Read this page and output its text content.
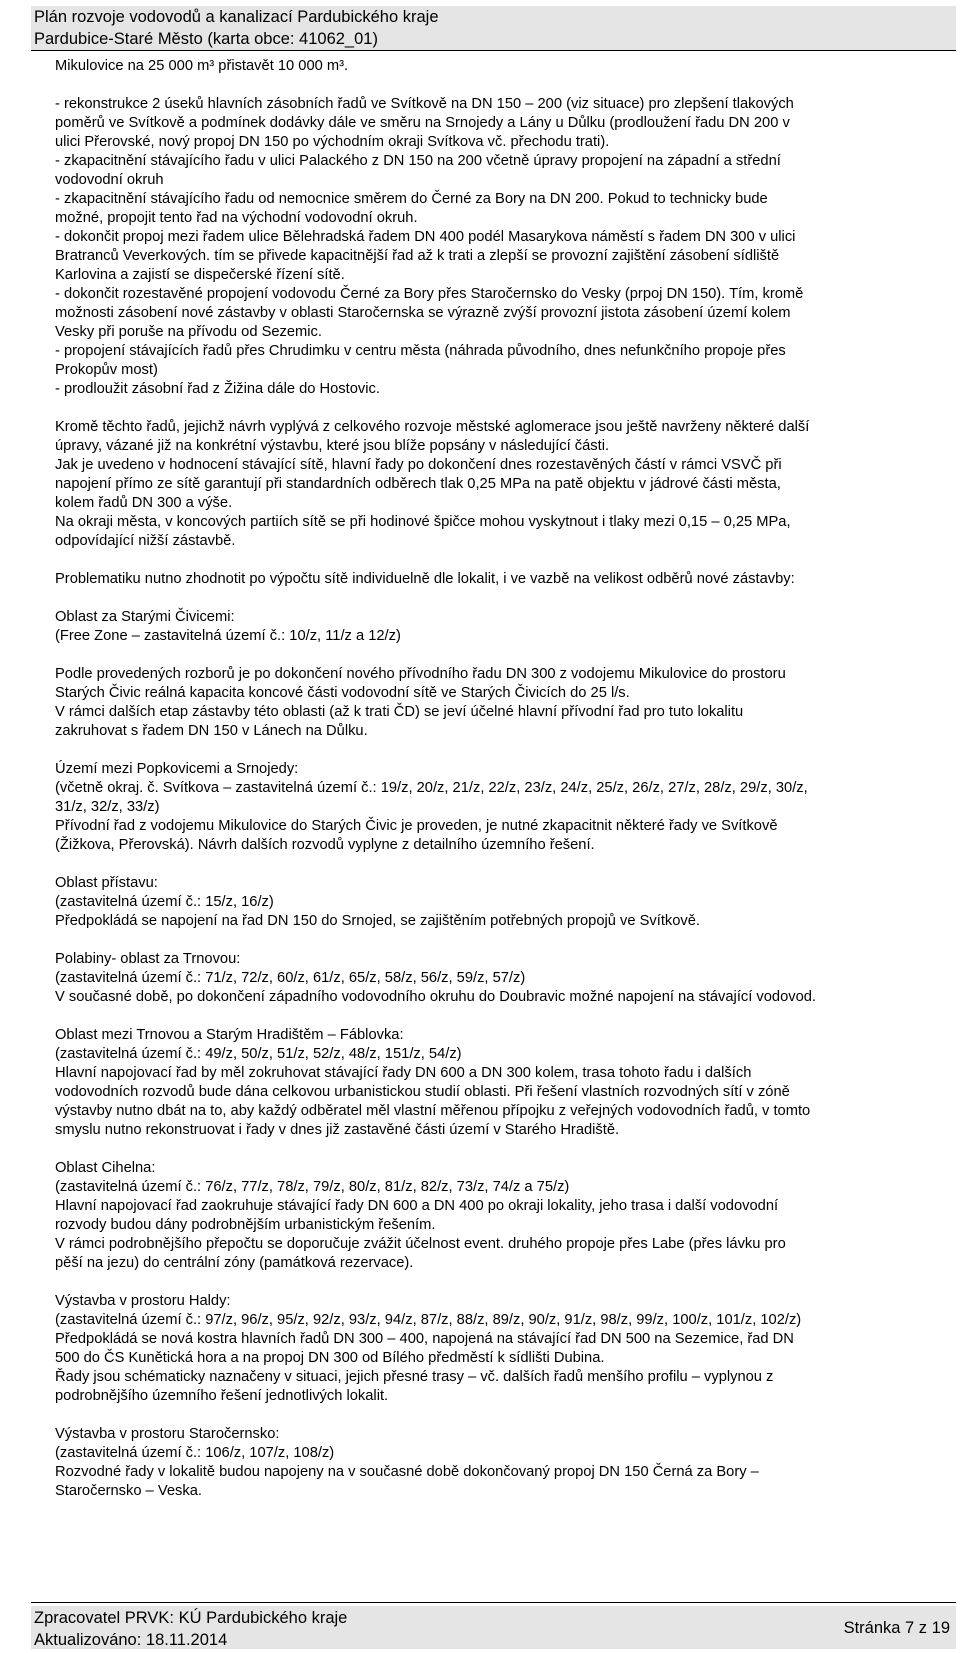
Plán rozvoje vodovodů a kanalizací Pardubického kraje
Pardubice-Staré Město (karta obce: 41062_01)
Mikulovice na 25 000 m³ přistavět 10 000 m³.
- rekonstrukce 2 úseků hlavních zásobních řadů ve Svítkově na DN 150 – 200 (viz situace) pro zlepšení tlakových
poměrů ve Svítkově a podmínek dodávky dále ve směru na Srnojedy a Lány u Důlku (prodloužení řadu DN 200 v
ulici Přerovské, nový propoj DN 150 po východním okraji Svítkova vč. přechodu trati).
- zkapacitnění stávajícího řadu v ulici Palackého z DN 150 na 200 včetně úpravy propojení na západní a střední
vodovodní okruh
- zkapacitnění stávajícího řadu od nemocnice směrem do Černé za Bory na DN 200. Pokud to technicky bude
možné, propojit tento řad na východní vodovodní okruh.
- dokončit propoj mezi řadem ulice Bělehradská řadem DN 400 podél Masarykova náměstí s řadem DN 300 v ulici
Bratranců Veverkových. tím se přivede kapacitnější řad až k trati a zlepší se provozní zajištění zásobení sídliště
Karlovina a zajistí se dispečerské řízení sítě.
- dokončit rozestavěné propojení vodovodu Černé za Bory přes Staročernsko do Vesky (prpoj DN 150). Tím, kromě
možnosti zásobení nové zástavby v oblasti Staročernska se výrazně zvýší provozní jistota zásobení území kolem
Vesky při poruše na přívodu od Sezemic.
- propojení stávajících řadů přes Chrudimku v centru města (náhrada původního, dnes nefunkčního propoje přes
Prokopův most)
- prodloužit zásobní řad z Žižina dále do Hostovic.
Kromě těchto řadů, jejichž návrh vyplývá z celkového rozvoje městské aglomerace jsou ještě navrženy některé další
úpravy, vázané již na konkrétní výstavbu, které jsou blíže popsány v následující části.
Jak je uvedeno v hodnocení stávající sítě, hlavní řady po dokončení dnes rozestavěných částí v rámci VSVČ při
napojení přímo ze sítě garantují při standardních odběrech tlak 0,25 MPa na patě objektu v jádrové části města,
kolem řadů DN 300 a výše.
Na okraji města, v koncových partiích sítě se při hodinové špičce mohou vyskytnout i tlaky mezi 0,15 – 0,25 MPa,
odpovídající nižší zástavbě.
Problematiku nutno zhodnotit po výpočtu sítě individuelně dle lokalit, i ve vazbě na velikost odběrů nové zástavby:
Oblast za Starými Čivicemi:
(Free Zone – zastavitelná území č.: 10/z, 11/z a 12/z)
Podle provedených rozborů je po dokončení nového přívodního řadu DN 300 z vodojemu Mikulovice do prostoru
Starých Čivic reálná kapacita koncové části vodovodní sítě ve Starých Čivicích do 25 l/s.
V rámci dalších etap zástavby této oblasti (až k trati ČD) se jeví účelné hlavní přívodní řad pro tuto lokalitu
zakruhovat s řadem DN 150 v Lánech na Důlku.
Území mezi Popkovicemi a Srnojedy:
(včetně okraj. č. Svítkova – zastavitelná území č.: 19/z, 20/z, 21/z, 22/z, 23/z, 24/z, 25/z, 26/z, 27/z, 28/z, 29/z, 30/z,
31/z, 32/z, 33/z)
Přívodní řad z vodojemu Mikulovice do Starých Čivic je proveden, je nutné zkapacitnit některé řady ve Svítkově
(Žižkova, Přerovská). Návrh dalších rozvodů vyplyne z detailního územního řešení.
Oblast přístavu:
(zastavitelná území č.: 15/z, 16/z)
Předpokládá se napojení na řad DN 150 do Srnojed, se zajištěním potřebných propojů ve Svítkově.
Polabiny- oblast za Trnovou:
(zastavitelná území č.: 71/z, 72/z, 60/z, 61/z, 65/z, 58/z, 56/z, 59/z, 57/z)
V současné době, po dokončení západního vodovodního okruhu do Doubravic možné napojení na stávající vodovod.
Oblast mezi Trnovou a Starým Hradištěm – Fáblovka:
(zastavitelná území č.: 49/z, 50/z, 51/z, 52/z, 48/z, 151/z, 54/z)
Hlavní napojovací řad by měl zokruhovat stávající řady DN 600 a DN 300 kolem, trasa tohoto řadu i dalších
vodovodních rozvodů bude dána celkovou urbanistickou studií oblasti. Při řešení vlastních rozvodných sítí v zóně
výstavby nutno dbát na to, aby každý odběratel měl vlastní měřenou přípojku z veřejných vodovodních řadů, v tomto
smyslu nutno rekonstruovat i řady v dnes již zastavěné části území v Starého Hradiště.
Oblast Cihelna:
(zastavitelná území č.: 76/z, 77/z, 78/z, 79/z, 80/z, 81/z, 82/z, 73/z, 74/z a 75/z)
Hlavní napojovací řad zaokruhuje stávající řady DN 600 a DN 400 po okraji lokality, jeho trasa i další vodovodní
rozvody budou dány podrobnějším urbanistickým řešením.
V rámci podrobnějšího přepočtu se doporučuje zvážit účelnost event. druhého propoje přes Labe (přes lávku pro
pěší na jezu) do centrální zóny (památková rezervace).
Výstavba v prostoru Haldy:
(zastavitelná území č.: 97/z, 96/z, 95/z, 92/z, 93/z, 94/z, 87/z, 88/z, 89/z, 90/z, 91/z, 98/z, 99/z, 100/z, 101/z, 102/z)
Předpokládá se nová kostra hlavních řadů DN 300 – 400, napojená na stávající řad DN 500 na Sezemice, řad DN
500 do ČS Kunětická hora a na propoj DN 300 od Bílého předměstí k sídlišti Dubina.
Řady jsou schématicky naznačeny v situaci, jejich přesné trasy – vč. dalších řadů menšího profilu – vyplynou z
podrobnějšího územního řešení jednotlivých lokalit.
Výstavba v prostoru Staročernsko:
(zastavitelná území č.: 106/z, 107/z, 108/z)
Rozvodné řady v lokalitě budou napojeny na v současné době dokončovaný propoj DN 150 Černá za Bory –
Staročernsko – Veska.
Zpracovatel PRVK: KÚ Pardubického kraje
Aktualizováno: 18.11.2014
Stránka 7 z 19
